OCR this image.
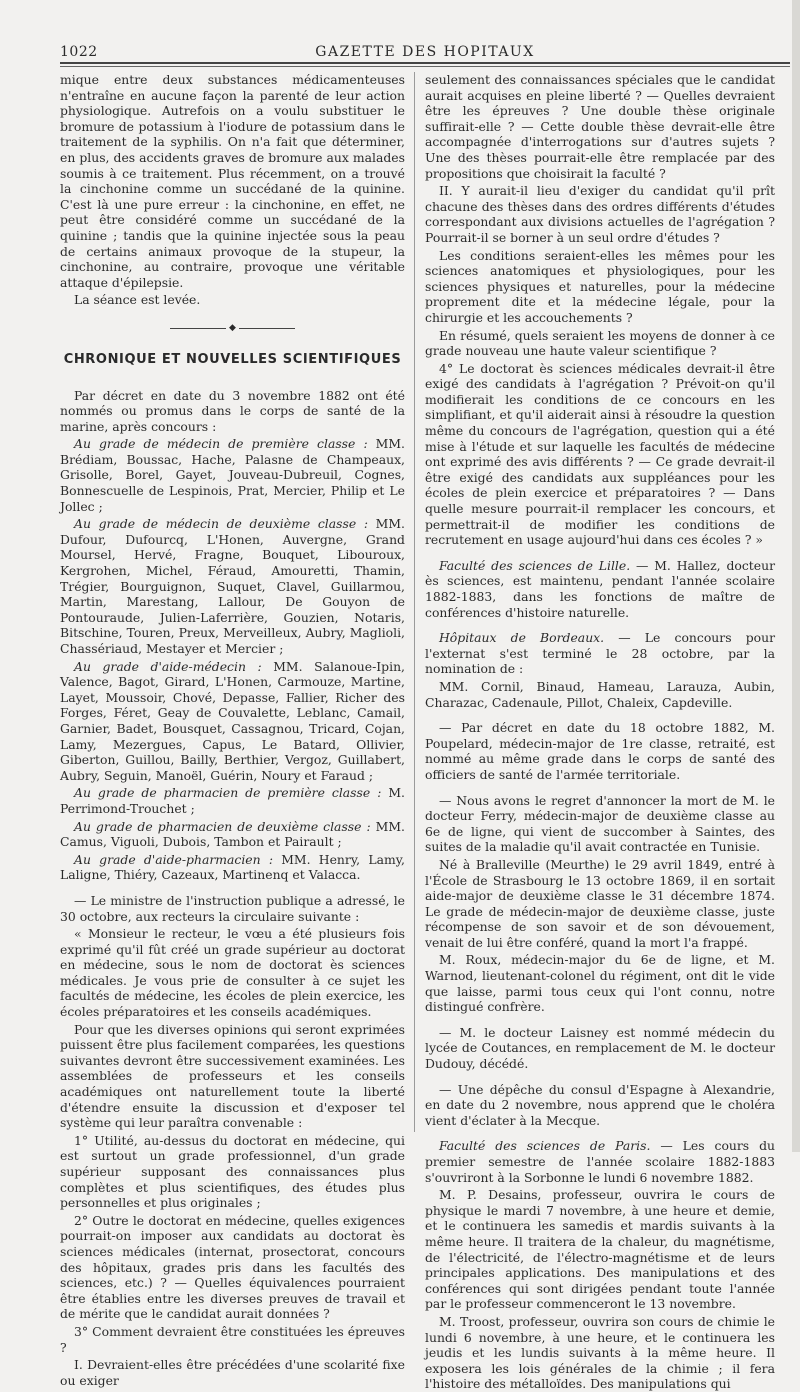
1022	GAZETTE DES HOPITAUX

mique entre deux substances médicamenteuses n'entraîne en aucune façon la parenté de leur action physiologique. Autrefois on a voulu substituer le bromure de potassium à l'iodure de potassium dans le traitement de la syphilis. On n'a fait que déterminer, en plus, des accidents graves de bromure aux malades soumis à ce traitement. Plus récemment, on a trouvé la cinchonine comme un succédané de la quinine. C'est là une pure erreur : la cinchonine, en effet, ne peut être considéré comme un succédané de la quinine ; tandis que la quinine injectée sous la peau de certains animaux provoque de la stupeur, la cinchonine, au contraire, provoque une véritable attaque d'épilepsie.

La séance est levée.

◆
CHRONIQUE ET NOUVELLES SCIENTIFIQUES

Par décret en date du 3 novembre 1882 ont été nommés ou promus dans le corps de santé de la marine, après concours :

Au grade de médecin de première classe : MM. Brédiam, Boussac, Hache, Palasne de Champeaux, Grisolle, Borel, Gayet, Jouveau-Dubreuil, Cognes, Bonnescuelle de Lespinois, Prat, Mercier, Philip et Le Jollec ;

Au grade de médecin de deuxième classe : MM. Dufour, Dufourcq, L'Honen, Auvergne, Grand Moursel, Hervé, Fragne, Bouquet, Libouroux, Kergrohen, Michel, Féraud, Amouretti, Thamin, Trégier, Bourguignon, Suquet, Clavel, Guillarmou, Martin, Marestang, Lallour, De Gouyon de Pontouraude, Julien-Laferrière, Gouzien, Notaris, Bitschine, Touren, Preux, Merveilleux, Aubry, Maglioli, Chassériaud, Mestayer et Mercier ;

Au grade d'aide-médecin : MM. Salanoue-Ipin, Valence, Bagot, Girard, L'Honen, Carmouze, Martine, Layet, Moussoir, Chové, Depasse, Fallier, Richer des Forges, Féret, Geay de Couvalette, Leblanc, Camail, Garnier, Badet, Bousquet, Cassagnou, Tricard, Cojan, Lamy, Mezergues, Capus, Le Batard, Ollivier, Giberton, Guillou, Bailly, Berthier, Vergoz, Guillabert, Aubry, Seguin, Manoël, Guérin, Noury et Faraud ;

Au grade de pharmacien de première classe : M. Perrimond-Trouchet ;

Au grade de pharmacien de deuxième classe : MM. Camus, Viguoli, Dubois, Tambon et Pairault ;

Au grade d'aide-pharmacien : MM. Henry, Lamy, Laligne, Thiéry, Cazeaux, Martinenq et Valacca.

— Le ministre de l'instruction publique a adressé, le 30 octobre, aux recteurs la circulaire suivante :

« Monsieur le recteur, le vœu a été plusieurs fois exprimé qu'il fût créé un grade supérieur au doctorat en médecine, sous le nom de doctorat ès sciences médicales. Je vous prie de consulter à ce sujet les facultés de médecine, les écoles de plein exercice, les écoles préparatoires et les conseils académiques.

Pour que les diverses opinions qui seront exprimées puissent être plus facilement comparées, les questions suivantes devront être successivement examinées. Les assemblées de professeurs et les conseils académiques ont naturellement toute la liberté d'étendre ensuite la discussion et d'exposer tel système qui leur paraîtra convenable :

1° Utilité, au-dessus du doctorat en médecine, qui est surtout un grade professionnel, d'un grade supérieur supposant des connaissances plus complètes et plus scientifiques, des études plus personnelles et plus originales ;

2° Outre le doctorat en médecine, quelles exigences pourrait-on imposer aux candidats au doctorat ès sciences médicales (internat, prosectorat, concours des hôpitaux, grades pris dans les facultés des sciences, etc.) ? — Quelles équivalences pourraient être établies entre les diverses preuves de travail et de mérite que le candidat aurait données ?

3° Comment devraient être constituées les épreuves ?

I. Devraient-elles être précédées d'une scolarité fixe ou exiger

seulement des connaissances spéciales que le candidat aurait acquises en pleine liberté ? — Quelles devraient être les épreuves ? Une double thèse originale suffirait-elle ? — Cette double thèse devrait-elle être accompagnée d'interrogations sur d'autres sujets ? Une des thèses pourrait-elle être remplacée par des propositions que choisirait la faculté ?

II. Y aurait-il lieu d'exiger du candidat qu'il prît chacune des thèses dans des ordres différents d'études correspondant aux divisions actuelles de l'agrégation ? Pourrait-il se borner à un seul ordre d'études ?

Les conditions seraient-elles les mêmes pour les sciences anatomiques et physiologiques, pour les sciences physiques et naturelles, pour la médecine proprement dite et la médecine légale, pour la chirurgie et les accouchements ?

En résumé, quels seraient les moyens de donner à ce grade nouveau une haute valeur scientifique ?

4° Le doctorat ès sciences médicales devrait-il être exigé des candidats à l'agrégation ? Prévoit-on qu'il modifierait les conditions de ce concours en les simplifiant, et qu'il aiderait ainsi à résoudre la question même du concours de l'agrégation, question qui a été mise à l'étude et sur laquelle les facultés de médecine ont exprimé des avis différents ? — Ce grade devrait-il être exigé des candidats aux suppléances pour les écoles de plein exercice et préparatoires ? — Dans quelle mesure pourrait-il remplacer les concours, et permettrait-il de modifier les conditions de recrutement en usage aujourd'hui dans ces écoles ? »

Faculté des sciences de Lille. — M. Hallez, docteur ès sciences, est maintenu, pendant l'année scolaire 1882-1883, dans les fonctions de maître de conférences d'histoire naturelle.

Hôpitaux de Bordeaux. — Le concours pour l'externat s'est terminé le 28 octobre, par la nomination de :

MM. Cornil, Binaud, Hameau, Larauza, Aubin, Charazac, Cadenaule, Pillot, Chaleix, Capdeville.

— Par décret en date du 18 octobre 1882, M. Poupelard, médecin-major de 1re classe, retraité, est nommé au même grade dans le corps de santé des officiers de santé de l'armée territoriale.

— Nous avons le regret d'annoncer la mort de M. le docteur Ferry, médecin-major de deuxième classe au 6e de ligne, qui vient de succomber à Saintes, des suites de la maladie qu'il avait contractée en Tunisie.

Né à Bralleville (Meurthe) le 29 avril 1849, entré à l'École de Strasbourg le 13 octobre 1869, il en sortait aide-major de deuxième classe le 31 décembre 1874. Le grade de médecin-major de deuxième classe, juste récompense de son savoir et de son dévouement, venait de lui être conféré, quand la mort l'a frappé.

M. Roux, médecin-major du 6e de ligne, et M. Warnod, lieutenant-colonel du régiment, ont dit le vide que laisse, parmi tous ceux qui l'ont connu, notre distingué confrère.

— M. le docteur Laisney est nommé médecin du lycée de Coutances, en remplacement de M. le docteur Dudouy, décédé.

— Une dépêche du consul d'Espagne à Alexandrie, en date du 2 novembre, nous apprend que le choléra vient d'éclater à la Mecque.

Faculté des sciences de Paris. — Les cours du premier semestre de l'année scolaire 1882-1883 s'ouvriront à la Sorbonne le lundi 6 novembre 1882.

M. P. Desains, professeur, ouvrira le cours de physique le mardi 7 novembre, à une heure et demie, et le continuera les samedis et mardis suivants à la même heure. Il traitera de la chaleur, du magnétisme, de l'électricité, de l'électro-magnétisme et de leurs principales applications. Des manipulations et des conférences qui sont dirigées pendant toute l'année par le professeur commenceront le 13 novembre.

M. Troost, professeur, ouvrira son cours de chimie le lundi 6 novembre, à une heure, et le continuera les jeudis et les lundis suivants à la même heure. Il exposera les lois générales de la chimie ; il fera l'histoire des métalloïdes. Des manipulations qui
